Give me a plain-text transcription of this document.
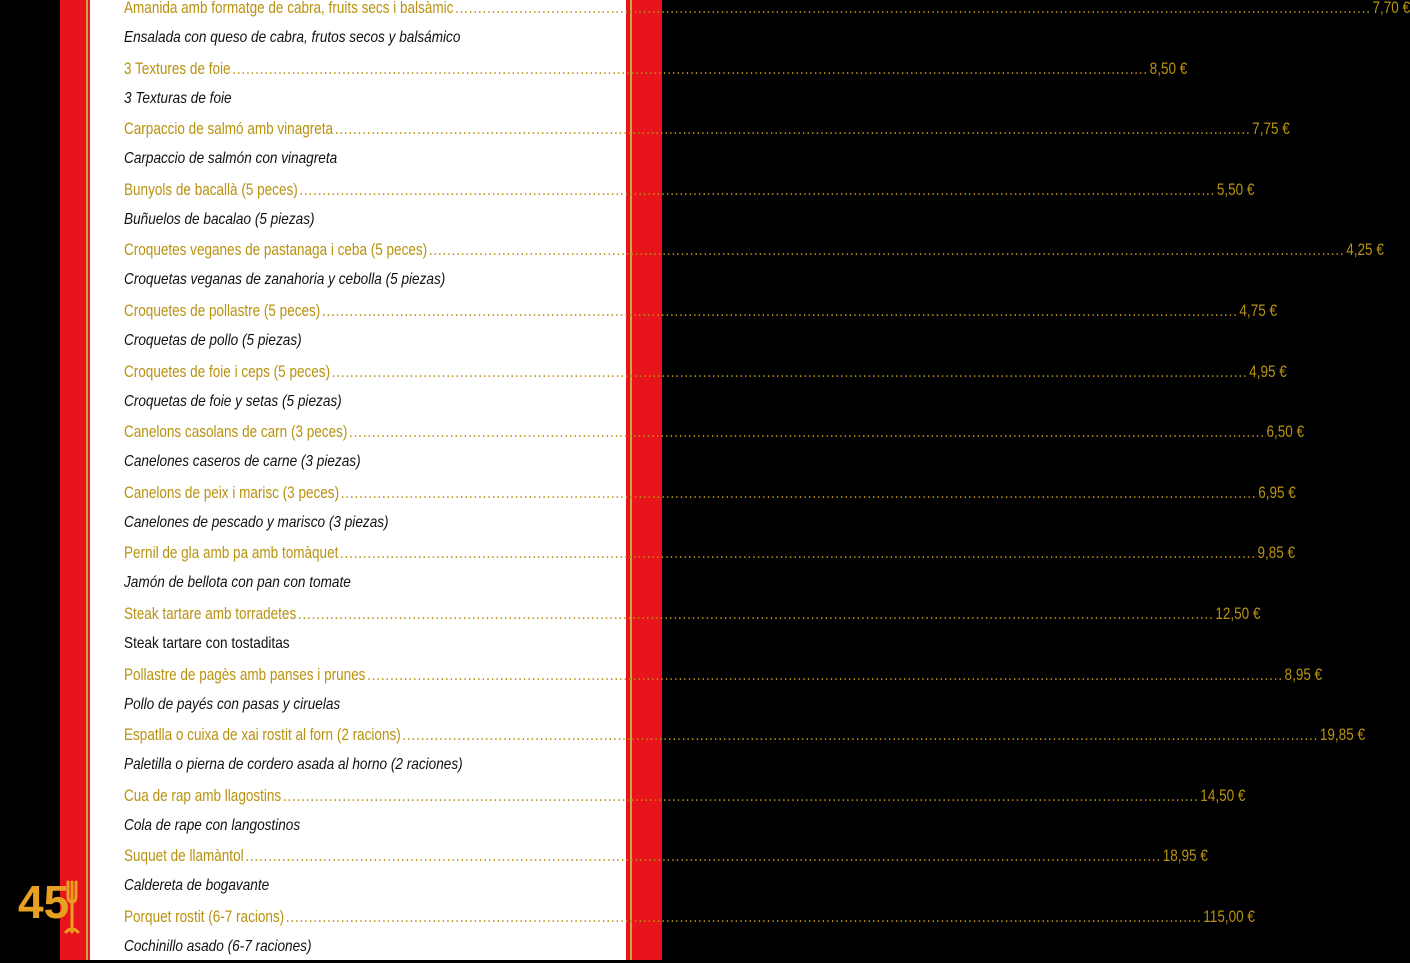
Amanida amb formatge de cabra, fruits secs i balsàmic ........................................................................................................................................................................................................ 7,70 €
Ensalada con queso de cabra, frutos secos y balsámico
3 Textures de foie ........................................................................................................................................................................................................ 8,50 €
3 Texturas de foie
Carpaccio de salmó amb vinagreta ........................................................................................................................................................................................................ 7,75 €
Carpaccio de salmón con vinagreta
Bunyols de bacallà (5 peces) ........................................................................................................................................................................................................ 5,50 €
Buñuelos de bacalao (5 piezas)
Croquetes veganes de pastanaga i ceba (5 peces) ........................................................................................................................................................................................................ 4,25 €
Croquetas veganas de zanahoria y cebolla (5 piezas)
Croquetes de pollastre (5 peces) ........................................................................................................................................................................................................ 4,75 €
Croquetas de pollo (5 piezas)
Croquetes de foie i ceps (5 peces) ........................................................................................................................................................................................................ 4,95 €
Croquetas de foie y setas (5 piezas)
Canelons casolans de carn (3 peces) ........................................................................................................................................................................................................ 6,50 €
Canelones caseros de carne (3 piezas)
Canelons de peix i marisc (3 peces) ........................................................................................................................................................................................................ 6,95 €
Canelones de pescado y marisco (3 piezas)
Pernil de gla amb pa amb tomàquet ........................................................................................................................................................................................................ 9,85 €
Jamón de bellota con pan con tomate
Steak tartare amb torradetes ........................................................................................................................................................................................................ 12,50 €
Steak tartare con tostaditas
Pollastre de pagès amb panses i prunes ........................................................................................................................................................................................................ 8,95 €
Pollo de payés con pasas y ciruelas
Espatlla o cuixa de xai rostit al forn (2 racions) ........................................................................................................................................................................................................ 19,85 €
Paletilla o pierna de cordero asada al horno (2 raciones)
Cua de rap amb llagostins ........................................................................................................................................................................................................ 14,50 €
Cola de rape con langostinos
Suquet de llamàntol ........................................................................................................................................................................................................ 18,95 €
Caldereta de bogavante
Porquet rostit (6-7 racions) ........................................................................................................................................................................................................ 115,00 €
Cochinillo asado (6-7 raciones)
45
